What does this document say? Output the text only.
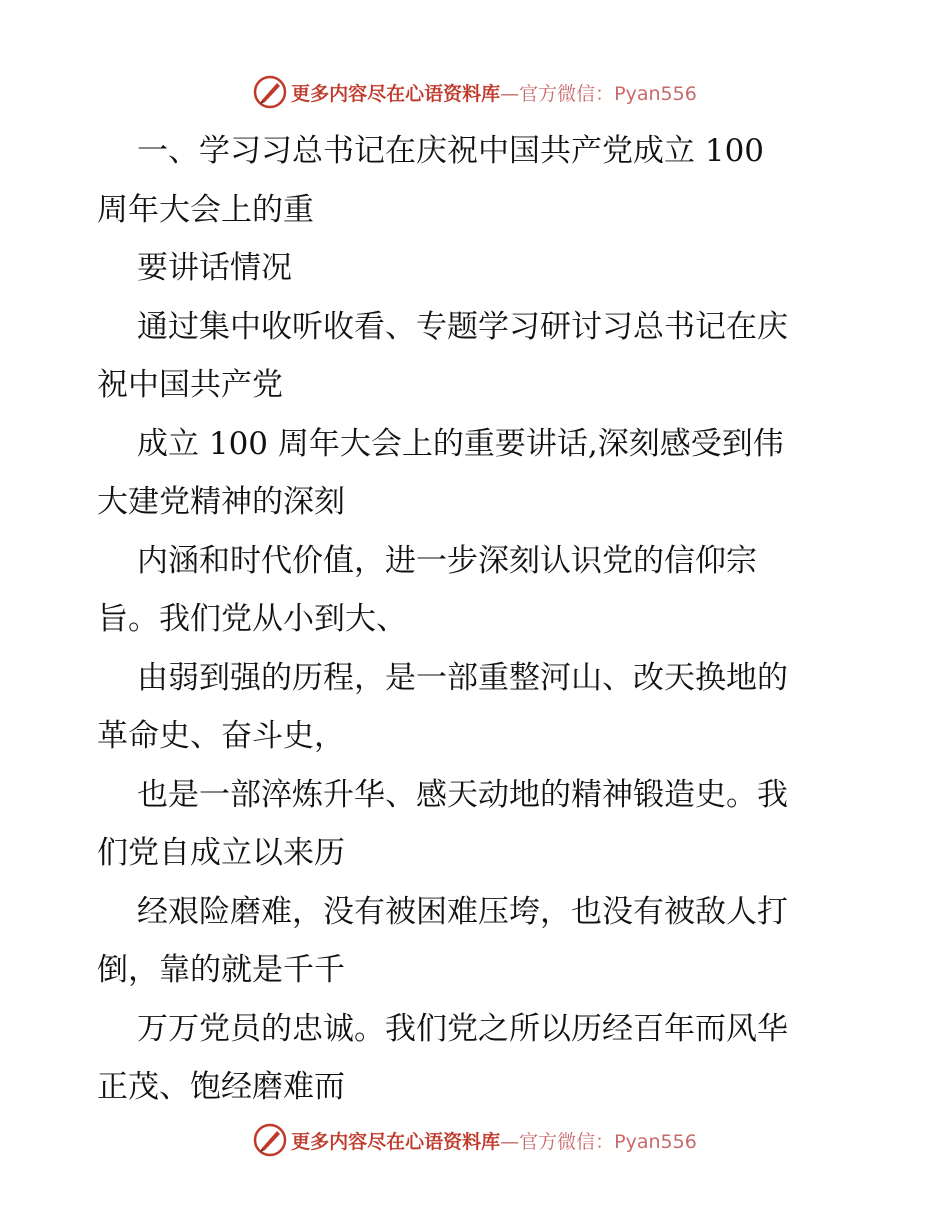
更多内容尽在心语资料库—官方微信：Pyan556
一、学习习总书记在庆祝中国共产党成立 100
周年大会上的重
要讲话情况
通过集中收听收看、专题学习研讨习总书记在庆
祝中国共产党
成立 100 周年大会上的重要讲话,深刻感受到伟
大建党精神的深刻
内涵和时代价值，进一步深刻认识党的信仰宗
旨。我们党从小到大、
由弱到强的历程，是一部重整河山、改天换地的
革命史、奋斗史，
也是一部淬炼升华、感天动地的精神锻造史。我
们党自成立以来历
经艰险磨难，没有被困难压垮，也没有被敌人打
倒，靠的就是千千
万万党员的忠诚。我们党之所以历经百年而风华
正茂、饱经磨难而
更多内容尽在心语资料库—官方微信：Pyan556
